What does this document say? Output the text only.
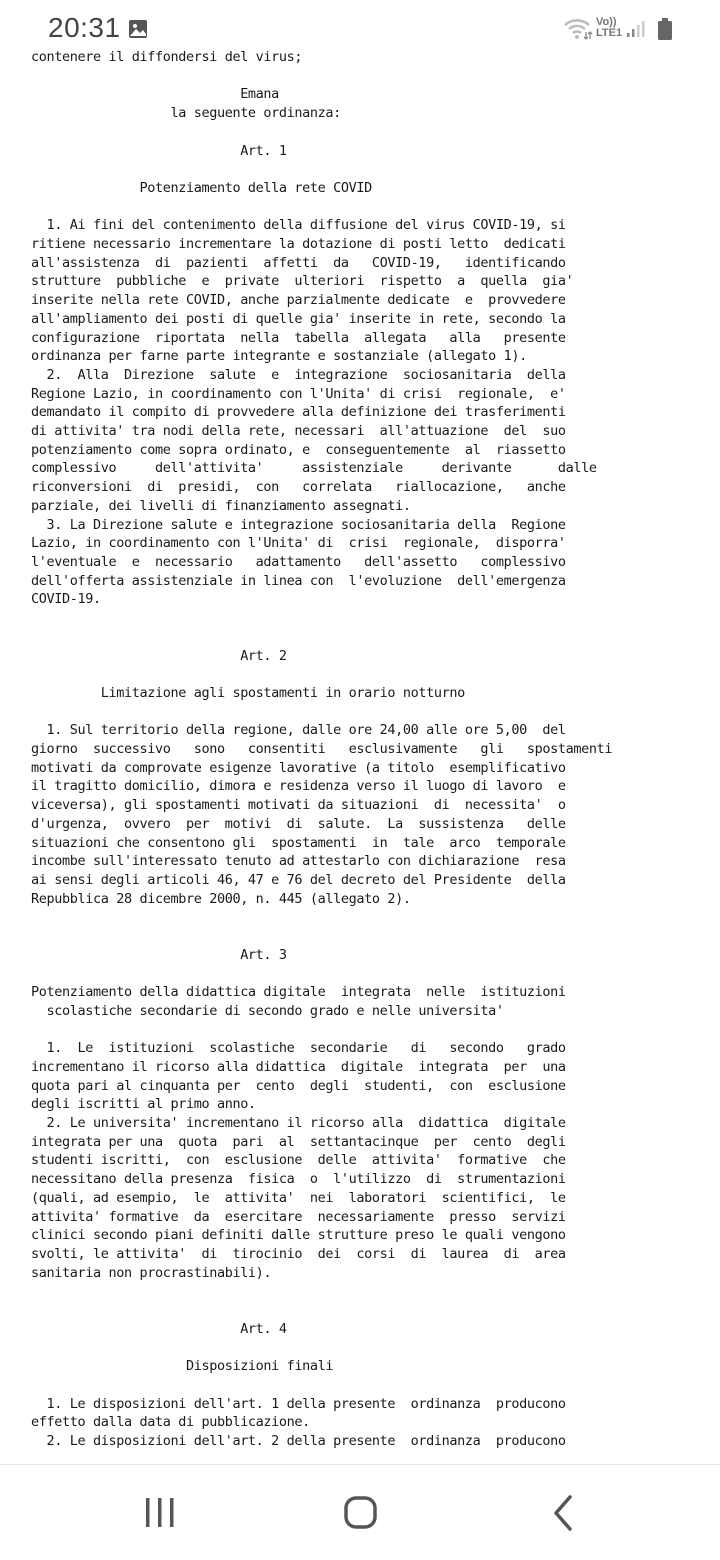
20:31	Vo))
LTE1
contenere il diffondersi del virus;

Emana
la seguente ordinanza:

Art. 1

Potenziamento della rete COVID

1. Ai fini del contenimento della diffusione del virus COVID-19, si
ritiene necessario incrementare la dotazione di posti letto  dedicati
all'assistenza  di  pazienti  affetti  da   COVID-19,   identificando
strutture  pubbliche  e  private  ulteriori  rispetto  a  quella  gia'
inserite nella rete COVID, anche parzialmente dedicate  e  provvedere
all'ampliamento dei posti di quelle gia' inserite in rete, secondo la
configurazione  riportata  nella  tabella  allegata   alla   presente
ordinanza per farne parte integrante e sostanziale (allegato 1).
2.  Alla  Direzione  salute  e  integrazione  sociosanitaria  della
Regione Lazio, in coordinamento con l'Unita' di crisi  regionale,  e'
demandato il compito di provvedere alla definizione dei trasferimenti
di attivita' tra nodi della rete, necessari  all'attuazione  del  suo
potenziamento come sopra ordinato, e  conseguentemente  al  riassetto
complessivo     dell'attivita'     assistenziale     derivante      dalle
riconversioni  di  presidi,  con   correlata   riallocazione,   anche
parziale, dei livelli di finanziamento assegnati.
3. La Direzione salute e integrazione sociosanitaria della  Regione
Lazio, in coordinamento con l'Unita' di  crisi  regionale,  disporra'
l'eventuale  e  necessario   adattamento   dell'assetto   complessivo
dell'offerta assistenziale in linea con  l'evoluzione  dell'emergenza
COVID-19.

Art. 2

Limitazione agli spostamenti in orario notturno

1. Sul territorio della regione, dalle ore 24,00 alle ore 5,00  del
giorno  successivo   sono   consentiti   esclusivamente   gli   spostamenti
motivati da comprovate esigenze lavorative (a titolo  esemplificativo
il tragitto domicilio, dimora e residenza verso il luogo di lavoro  e
viceversa), gli spostamenti motivati da situazioni  di  necessita'  o
d'urgenza,  ovvero  per  motivi  di  salute.  La  sussistenza   delle
situazioni che consentono gli  spostamenti  in  tale  arco  temporale
incombe sull'interessato tenuto ad attestarlo con dichiarazione  resa
ai sensi degli articoli 46, 47 e 76 del decreto del Presidente  della
Repubblica 28 dicembre 2000, n. 445 (allegato 2).

Art. 3

Potenziamento della didattica digitale  integrata  nelle  istituzioni
scolastiche secondarie di secondo grado e nelle universita'

1.  Le  istituzioni  scolastiche  secondarie   di   secondo   grado
incrementano il ricorso alla didattica  digitale  integrata  per  una
quota pari al cinquanta per  cento  degli  studenti,  con  esclusione
degli iscritti al primo anno.
2. Le universita' incrementano il ricorso alla  didattica  digitale
integrata per una  quota  pari  al  settantacinque  per  cento  degli
studenti iscritti,  con  esclusione  delle  attivita'  formative  che
necessitano della presenza  fisica  o  l'utilizzo  di  strumentazioni
(quali, ad esempio,  le  attivita'  nei  laboratori  scientifici,  le
attivita' formative  da  esercitare  necessariamente  presso  servizi
clinici secondo piani definiti dalle strutture preso le quali vengono
svolti, le attivita'  di  tirocinio  dei  corsi  di  laurea  di  area
sanitaria non procrastinabili).

Art. 4

Disposizioni finali

1. Le disposizioni dell'art. 1 della presente  ordinanza  producono
effetto dalla data di pubblicazione.
2. Le disposizioni dell'art. 2 della presente  ordinanza  producono
